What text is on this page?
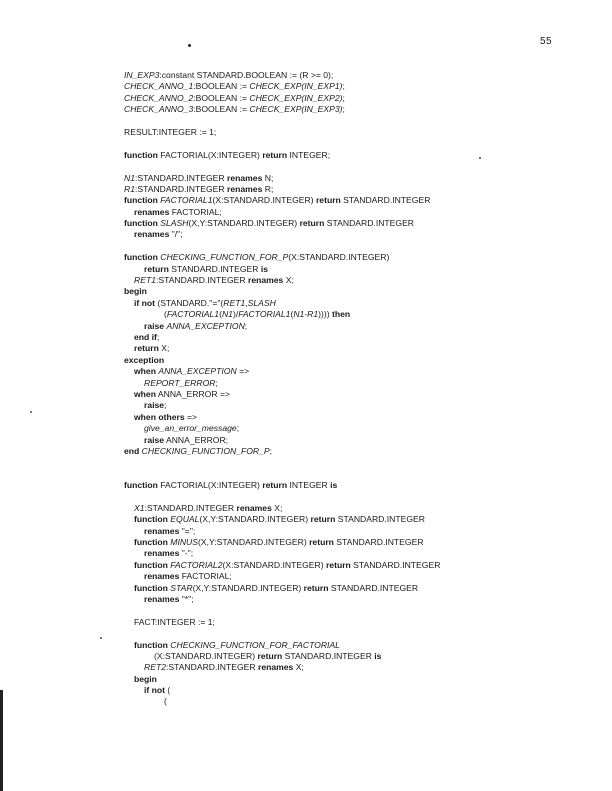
55
IN_EXP3:constant STANDARD.BOOLEAN := (R >= 0);
CHECK_ANNO_1:BOOLEAN := CHECK_EXP(IN_EXP1);
CHECK_ANNO_2:BOOLEAN := CHECK_EXP(IN_EXP2);
CHECK_ANNO_3:BOOLEAN := CHECK_EXP(IN_EXP3);
RESULT:INTEGER := 1;
function FACTORIAL(X:INTEGER) return INTEGER;
N1:STANDARD.INTEGER renames N;
R1:STANDARD.INTEGER renames R;
function FACTORIAL1(X:STANDARD.INTEGER) return STANDARD.INTEGER
renames FACTORIAL;
function SLASH(X,Y:STANDARD.INTEGER) return STANDARD.INTEGER
renames "/";
function CHECKING_FUNCTION_FOR_P(X:STANDARD.INTEGER)
return STANDARD.INTEGER is
RET1:STANDARD.INTEGER renames X;
begin
if not (STANDARD."="(RET1,SLASH
(FACTORIAL1(N1)/FACTORIAL1(N1-R1)))) then
raise ANNA_EXCEPTION;
end if;
return X;
exception
when ANNA_EXCEPTION =>
REPORT_ERROR;
when ANNA_ERROR =>
raise;
when others =>
give_an_error_message;
raise ANNA_ERROR;
end CHECKING_FUNCTION_FOR_P;
function FACTORIAL(X:INTEGER) return INTEGER is
X1:STANDARD.INTEGER renames X;
function EQUAL(X,Y:STANDARD.INTEGER) return STANDARD.INTEGER
renames "=";
function MINUS(X,Y:STANDARD.INTEGER) return STANDARD.INTEGER
renames "-";
function FACTORIAL2(X:STANDARD.INTEGER) return STANDARD.INTEGER
renames FACTORIAL;
function STAR(X,Y:STANDARD.INTEGER) return STANDARD.INTEGER
renames "*";
FACT:INTEGER := 1;
function CHECKING_FUNCTION_FOR_FACTORIAL
(X:STANDARD.INTEGER) return STANDARD.INTEGER is
RET2:STANDARD.INTEGER renames X;
begin
if not (
(
